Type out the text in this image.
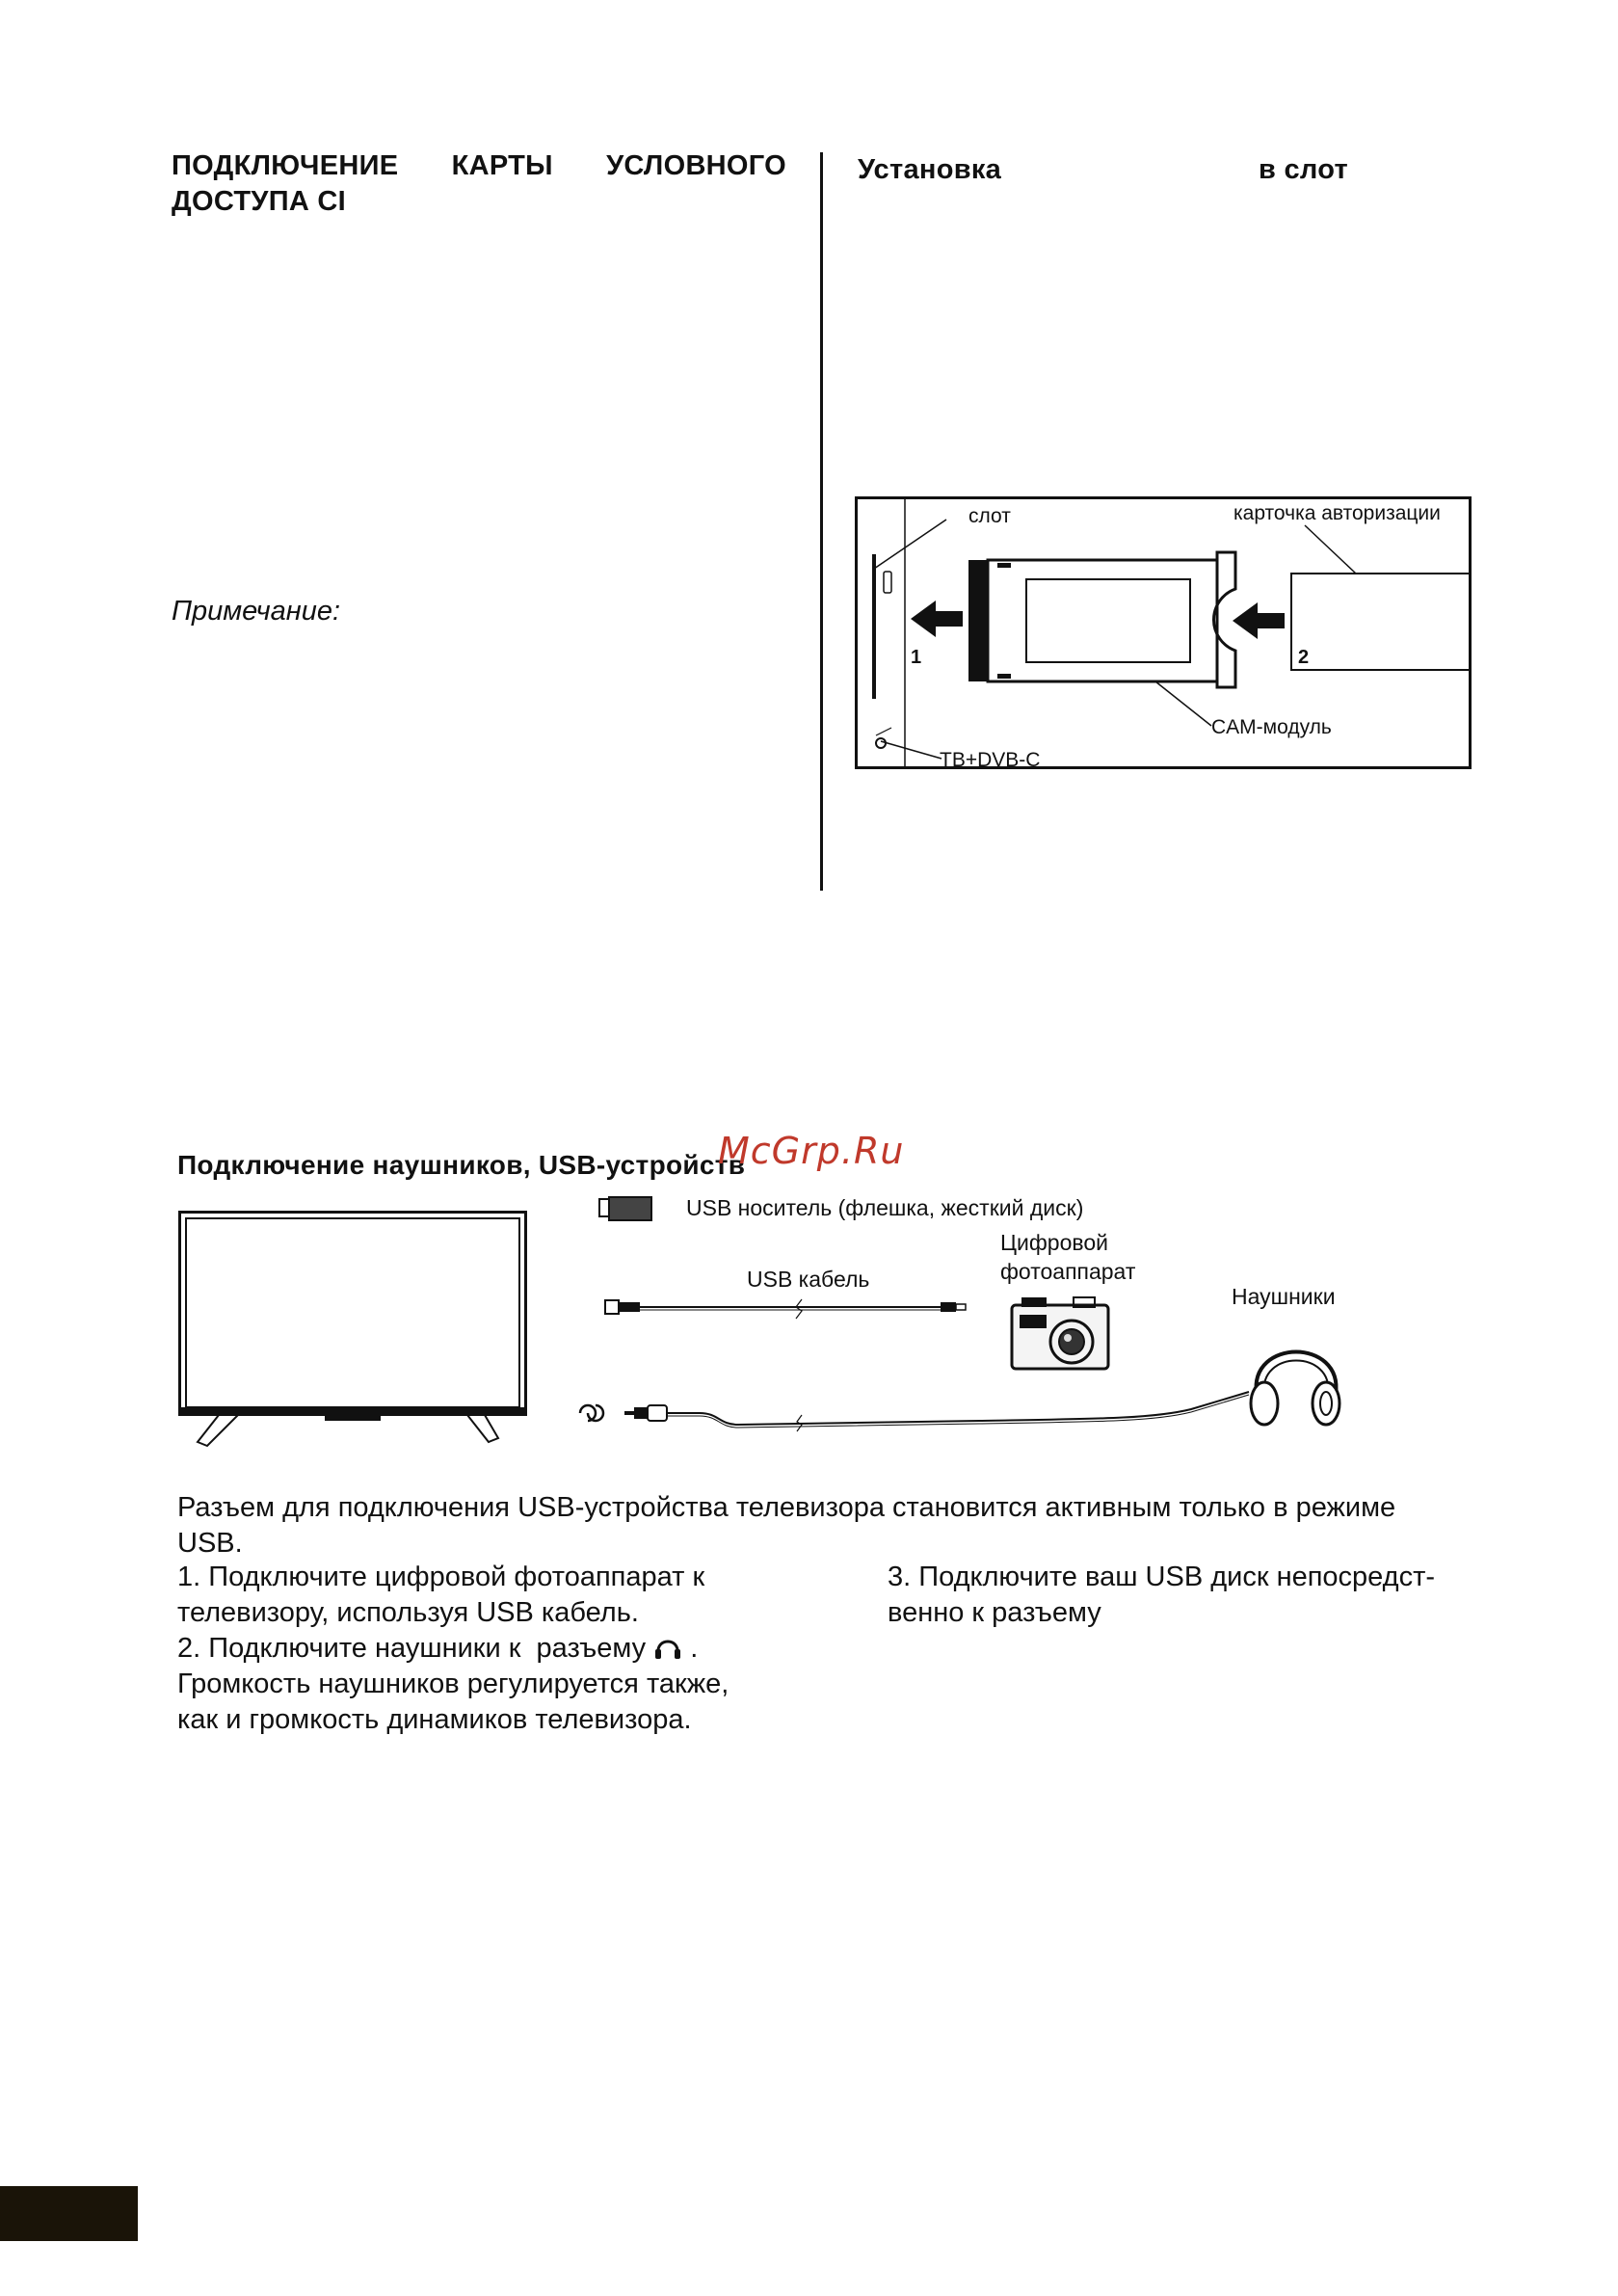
ПОДКЛЮЧЕНИЕ КАРТЫ УСЛОВНОГО
ДОСТУПА CI
Примечание:
Установка	в слот
слот
1
CAM-модуль
2
карточка авторизации
ТВ+DVB-C
Подключение наушников, USB-устройств
McGrp.Ru
USB носитель (флешка, жесткий диск)
USB кабель
Цифровой
фотоаппарат
Наушники
Разъем для подключения USB-устройства телевизора становится активным только в режиме
USB.
1. Подключите цифровой фотоаппарат к
телевизору, используя USB кабель.
2. Подключите наушники к  разъему .
Громкость наушников регулируется также,
как и громкость динамиков телевизора.
3. Подключите ваш USB диск непосредст-
венно к разъему
